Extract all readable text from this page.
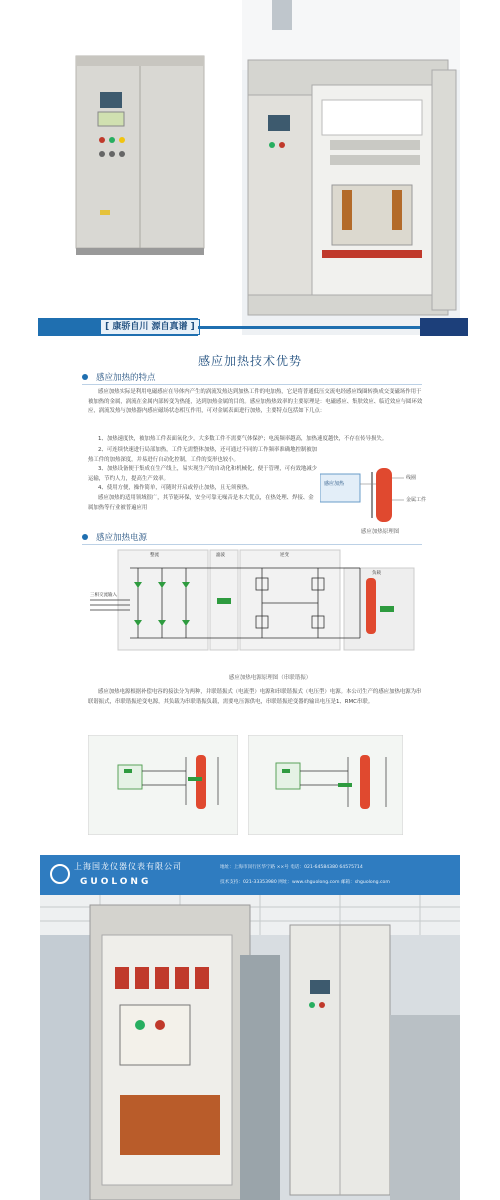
[ 康骄自川 源自真谱 ]
感应加热技术优势
感应加热的特点

感应加热实际是利用电磁感应在导体内产生的涡流发热达到加热工件的电加热，它是将普通低压交流电经感应线圈转换成交变磁场作用于被加热的金属，涡流在金属内部转变为热能，达到加热金属的目的。感应加热热效率的主要原理是：电磁感应、集肤效应、临近效应与圆环效应，涡流发热与加热器内感应磁场状态相互作用，可对金属表面进行加热，主要特点包括如下几点：

1、加热速度快，被加热工件表面氧化少，大多数工件不需要气体保护；电流频率越高，加热速度越快，不存在传导损失。

2、可连续快速进行局部加热，工件无需整体加热，还可通过不同的工作频率准确地控制被加热工件的加热深度，并易进行自动化控制，工件的变形也较小。

3、加热设备便于集成在生产线上，易实现生产的自动化和机械化，便于管理，可有效地减少运输，节约人力，提高生产效率。

4、使用方便，操作简单，可随时开启或停止加热，且无须预热。

感应加热的适用领域很广，其节能环保，安全可靠无噪音是本大优点，在热处理、焊接、金属加热等行业被普遍应用

感应加热
线圈
金属工件
感应加热原理图
感应加热电源
三相交流输入
整流	滤波	逆变
负载
感应加热电源原理图（串联谐振）

感应加热电源根据补偿电容的接法分为两种，并联谐振式（电流型）电源和串联谐振式（电压型）电源。本公司生产的感应加热电源为串联谐振式，串联谐振逆变电源，其负载为串联谐振负载，需要电压源供电，串联谐振逆变器的输出电压是1、RMC串联。

上海国龙仪器仪表有限公司
GUOLONG
地址：上海市闵行区华宁路 ××号 电话：021-64584380 64575714
技术支持：021-33353980 网址：www.shguolong.com 邮箱：shguolong.com
